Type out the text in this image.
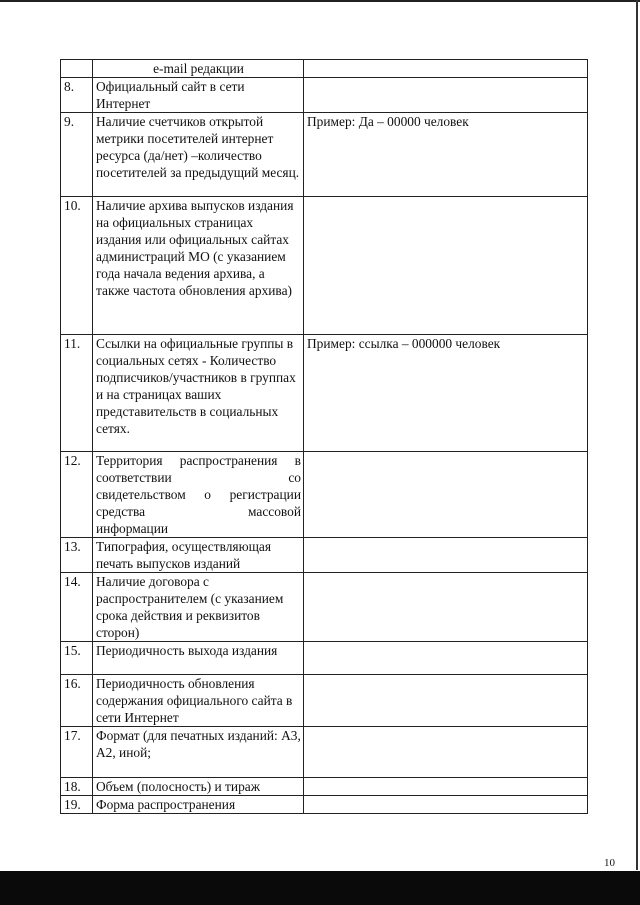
	e-mail редакции	
8.	Официальный сайт в сети Интернет	
9.	Наличие счетчиков открытой метрики посетителей интернет ресурса (да/нет) –количество посетителей за предыдущий месяц.	Пример: Да – 00000 человек
10.	Наличие архива выпусков издания на официальных страницах издания или официальных сайтах администраций МО (с указанием года начала ведения архива, а также частота обновления архива)	
11.	Ссылки на официальные группы в социальных сетях - Количество подписчиков/участников в группах и на страницах ваших представительств в социальных сетях.	Пример: ссылка – 000000 человек
12.	Территория распространения в
соответствии со
свидетельством о регистрации
средства массовой
информации	
13.	Типография, осуществляющая печать выпусков изданий	
14.	Наличие договора с распространителем (с указанием срока действия и реквизитов сторон)	
15.	Периодичность выхода издания	
16.	Периодичность обновления содержания официального сайта в сети Интернет	
17.	Формат (для печатных изданий: А3, А2, иной;	
18.	Объем (полосность) и тираж	
19.	Форма распространения	
10
